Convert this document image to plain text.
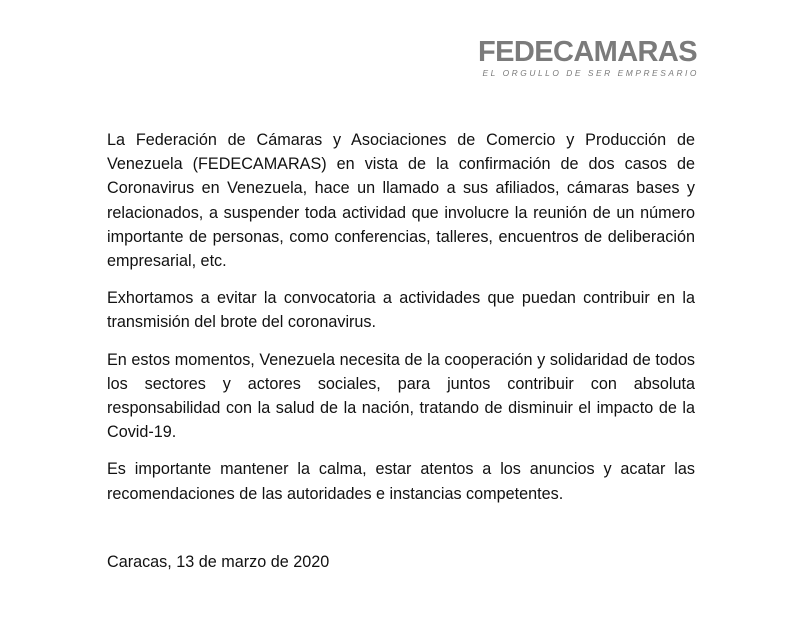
FEDECAMARAS
EL ORGULLO DE SER EMPRESARIO

La Federación de Cámaras y Asociaciones de Comercio y Producción de Venezuela (FEDECAMARAS) en vista de la confirmación de dos casos de Coronavirus en Venezuela, hace un llamado a sus afiliados, cámaras bases y relacionados, a suspender toda actividad que involucre la reunión de un número importante de personas, como conferencias, talleres, encuentros de deliberación empresarial, etc.

Exhortamos a evitar la convocatoria a actividades que puedan contribuir en la transmisión del brote del coronavirus.

En estos momentos, Venezuela necesita de la cooperación y solidaridad de todos los sectores y actores sociales, para juntos contribuir con absoluta responsabilidad con la salud de la nación, tratando de disminuir el impacto de la Covid-19.

Es importante mantener la calma, estar atentos a los anuncios y acatar las recomendaciones de las autoridades e instancias competentes.

Caracas, 13 de marzo de 2020
